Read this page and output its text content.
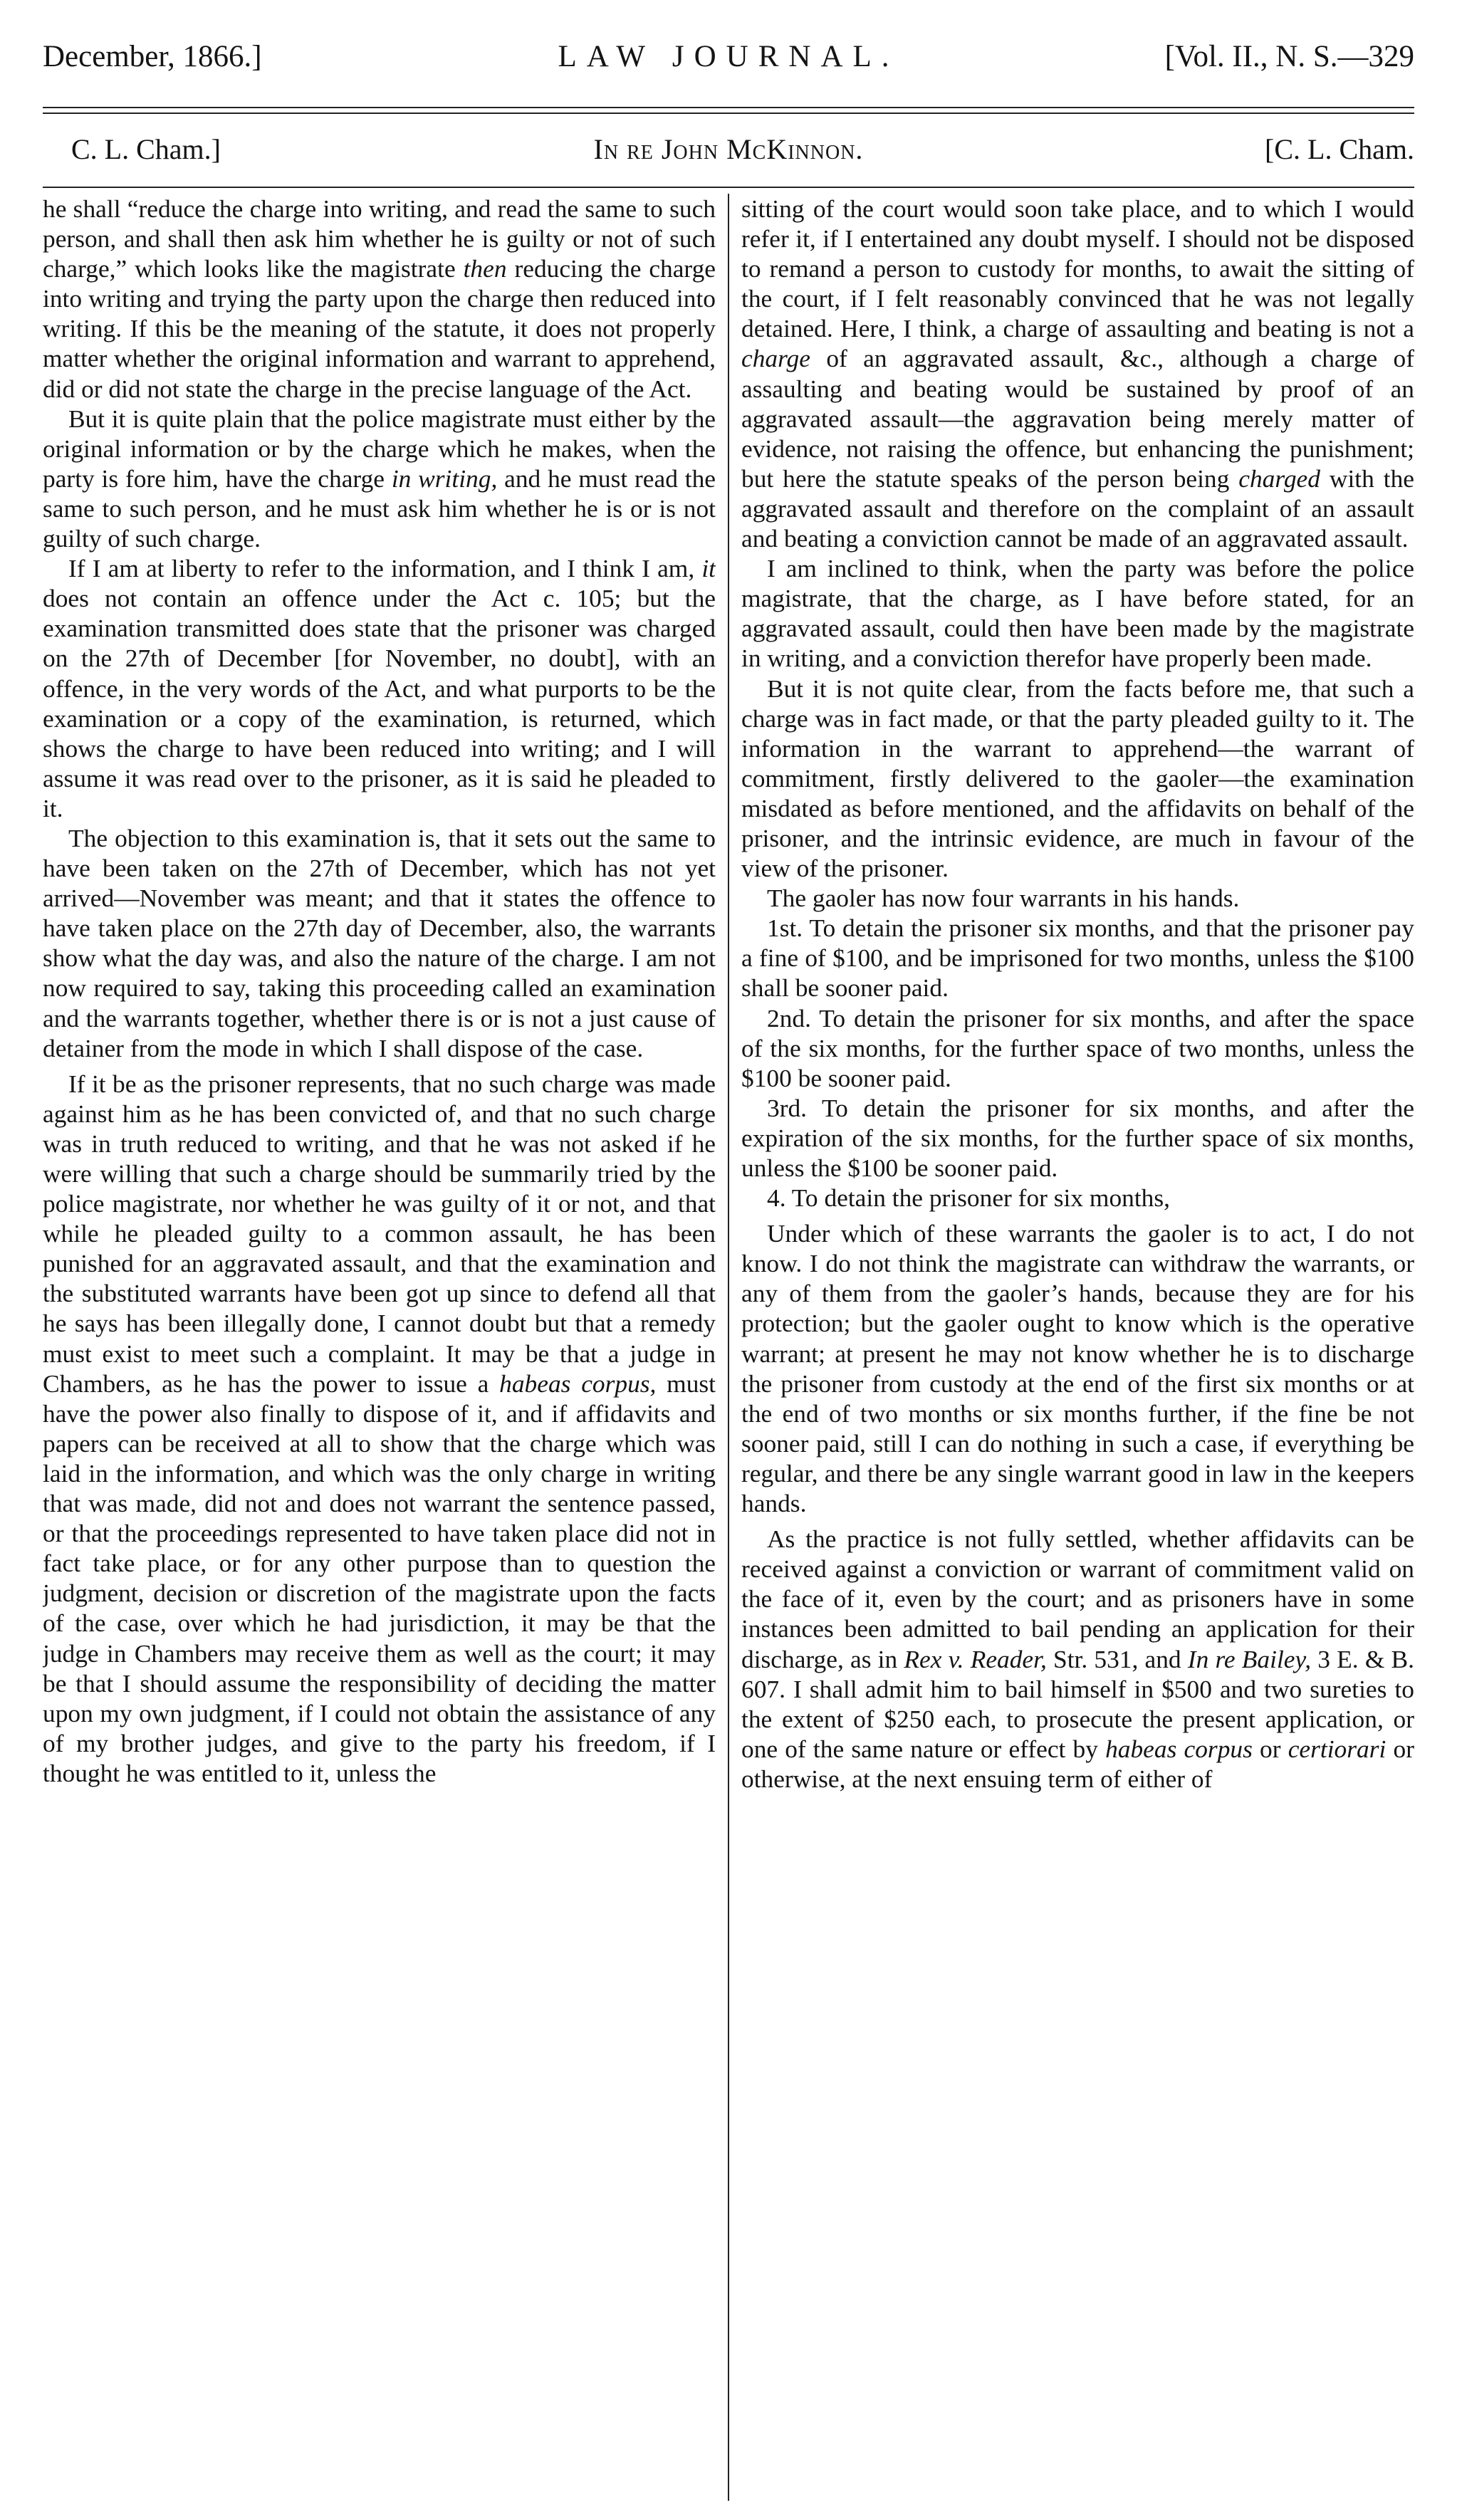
December, 1866.]	LAW JOURNAL.	[Vol. II., N. S.—329
C. L. Cham.]	In re John McKinnon.	[C. L. Cham.

he shall “reduce the charge into writing, and read the same to such person, and shall then ask him whether he is guilty or not of such charge,” which looks like the magistrate then reducing the charge into writing and trying the party upon the charge then reduced into writing. If this be the meaning of the statute, it does not properly matter whether the original information and warrant to apprehend, did or did not state the charge in the precise language of the Act.

But it is quite plain that the police magistrate must either by the original information or by the charge which he makes, when the party is fore him, have the charge in writing, and he must read the same to such person, and he must ask him whether he is or is not guilty of such charge.

If I am at liberty to refer to the information, and I think I am, it does not contain an offence under the Act c. 105; but the examination transmitted does state that the prisoner was charged on the 27th of December [for November, no doubt], with an offence, in the very words of the Act, and what purports to be the examination or a copy of the examination, is returned, which shows the charge to have been reduced into writing; and I will assume it was read over to the prisoner, as it is said he pleaded to it.

The objection to this examination is, that it sets out the same to have been taken on the 27th of December, which has not yet arrived—November was meant; and that it states the offence to have taken place on the 27th day of December, also, the warrants show what the day was, and also the nature of the charge. I am not now required to say, taking this proceeding called an examination and the warrants together, whether there is or is not a just cause of detainer from the mode in which I shall dispose of the case.

If it be as the prisoner represents, that no such charge was made against him as he has been convicted of, and that no such charge was in truth reduced to writing, and that he was not asked if he were willing that such a charge should be summarily tried by the police magistrate, nor whether he was guilty of it or not, and that while he pleaded guilty to a common assault, he has been punished for an aggravated assault, and that the examination and the substituted warrants have been got up since to defend all that he says has been illegally done, I cannot doubt but that a remedy must exist to meet such a complaint. It may be that a judge in Chambers, as he has the power to issue a habeas corpus, must have the power also finally to dispose of it, and if affidavits and papers can be received at all to show that the charge which was laid in the information, and which was the only charge in writing that was made, did not and does not warrant the sentence passed, or that the proceedings represented to have taken place did not in fact take place, or for any other purpose than to question the judgment, decision or discretion of the magistrate upon the facts of the case, over which he had jurisdiction, it may be that the judge in Chambers may receive them as well as the court; it may be that I should assume the responsibility of deciding the matter upon my own judgment, if I could not obtain the assistance of any of my brother judges, and give to the party his freedom, if I thought he was entitled to it, unless the

sitting of the court would soon take place, and to which I would refer it, if I entertained any doubt myself. I should not be disposed to remand a person to custody for months, to await the sitting of the court, if I felt reasonably convinced that he was not legally detained. Here, I think, a charge of assaulting and beating is not a charge of an aggravated assault, &c., although a charge of assaulting and beating would be sustained by proof of an aggravated assault—the aggravation being merely matter of evidence, not raising the offence, but enhancing the punishment; but here the statute speaks of the person being charged with the aggravated assault and therefore on the complaint of an assault and beating a conviction cannot be made of an aggravated assault.

I am inclined to think, when the party was before the police magistrate, that the charge, as I have before stated, for an aggravated assault, could then have been made by the magistrate in writing, and a conviction therefor have properly been made.

But it is not quite clear, from the facts before me, that such a charge was in fact made, or that the party pleaded guilty to it. The information in the warrant to apprehend—the warrant of commitment, firstly delivered to the gaoler—the examination misdated as before mentioned, and the affidavits on behalf of the prisoner, and the intrinsic evidence, are much in favour of the view of the prisoner.

The gaoler has now four warrants in his hands.

1st. To detain the prisoner six months, and that the prisoner pay a fine of $100, and be imprisoned for two months, unless the $100 shall be sooner paid.

2nd. To detain the prisoner for six months, and after the space of the six months, for the further space of two months, unless the $100 be sooner paid.

3rd. To detain the prisoner for six months, and after the expiration of the six months, for the further space of six months, unless the $100 be sooner paid.

4. To detain the prisoner for six months,

Under which of these warrants the gaoler is to act, I do not know. I do not think the magistrate can withdraw the warrants, or any of them from the gaoler’s hands, because they are for his protection; but the gaoler ought to know which is the operative warrant; at present he may not know whether he is to discharge the prisoner from custody at the end of the first six months or at the end of two months or six months further, if the fine be not sooner paid, still I can do nothing in such a case, if everything be regular, and there be any single warrant good in law in the keepers hands.

As the practice is not fully settled, whether affidavits can be received against a conviction or warrant of commitment valid on the face of it, even by the court; and as prisoners have in some instances been admitted to bail pending an application for their discharge, as in Rex v. Reader, Str. 531, and In re Bailey, 3 E. & B. 607. I shall admit him to bail himself in $500 and two sureties to the extent of $250 each, to prosecute the present application, or one of the same nature or effect by habeas corpus or certiorari or otherwise, at the next ensuing term of either of
